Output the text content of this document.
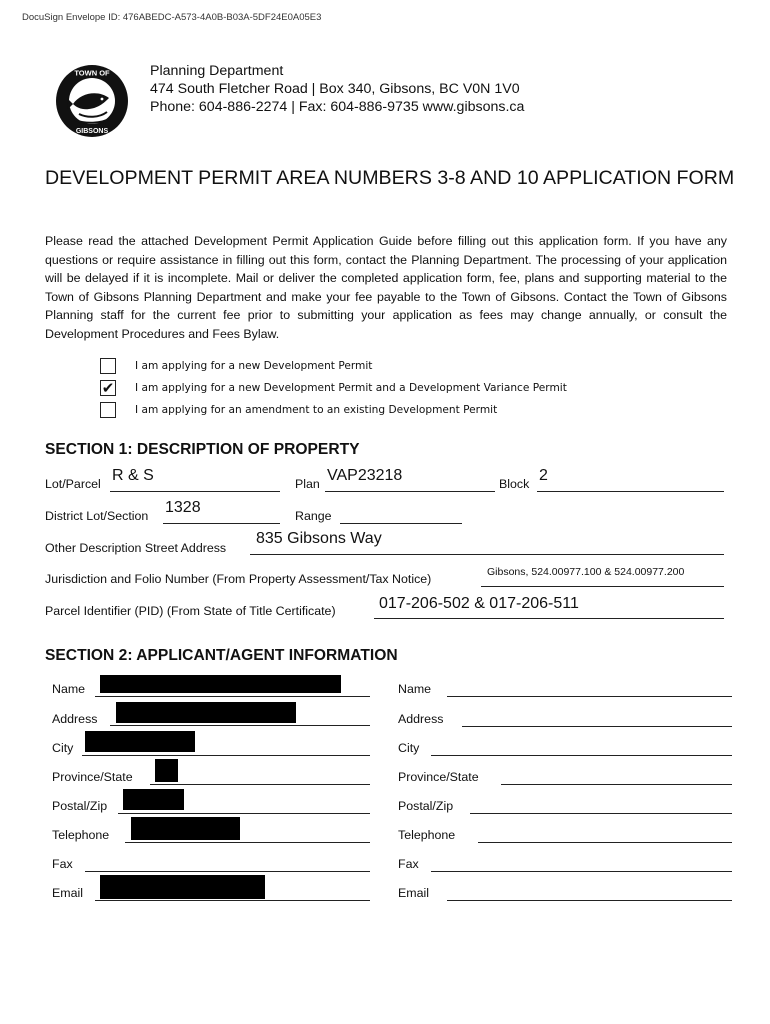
DocuSign Envelope ID: 476ABEDC-A573-4A0B-B03A-5DF24E0A05E3
TOWN OF
GIBSONS
Planning Department
474 South Fletcher Road | Box 340, Gibsons, BC V0N 1V0
Phone: 604-886-2274 | Fax: 604-886-9735 www.gibsons.ca
DEVELOPMENT PERMIT AREA NUMBERS 3-8 AND 10 APPLICATION FORM
Please read the attached Development Permit Application Guide before filling out this application form. If you have any questions or require assistance in filling out this form, contact the Planning Department. The processing of your application will be delayed if it is incomplete. Mail or deliver the completed application form, fee, plans and supporting material to the Town of Gibsons Planning Department and make your fee payable to the Town of Gibsons. Contact the Town of Gibsons Planning staff for the current fee prior to submitting your application as fees may change annually, or consult the Development Procedures and Fees Bylaw.
I am applying for a new Development Permit
✔ I am applying for a new Development Permit and a Development Variance Permit
I am applying for an amendment to an existing Development Permit
SECTION 1: DESCRIPTION OF PROPERTY
Lot/Parcel R & S	Plan VAP23218	Block 2
District Lot/Section 1328	Range
Other Description Street Address
835 Gibsons Way
Jurisdiction and Folio Number (From Property Assessment/Tax Notice)	Gibsons, 524.00977.100 & 524.00977.200
Parcel Identifier (PID) (From State of Title Certificate)	017-206-502 & 017-206-511
SECTION 2: APPLICANT/AGENT INFORMATION
Name
Address
City
Province/State
Postal/Zip
Telephone
Fax
Email
Name
Address
City
Province/State
Postal/Zip
Telephone
Fax
Email
